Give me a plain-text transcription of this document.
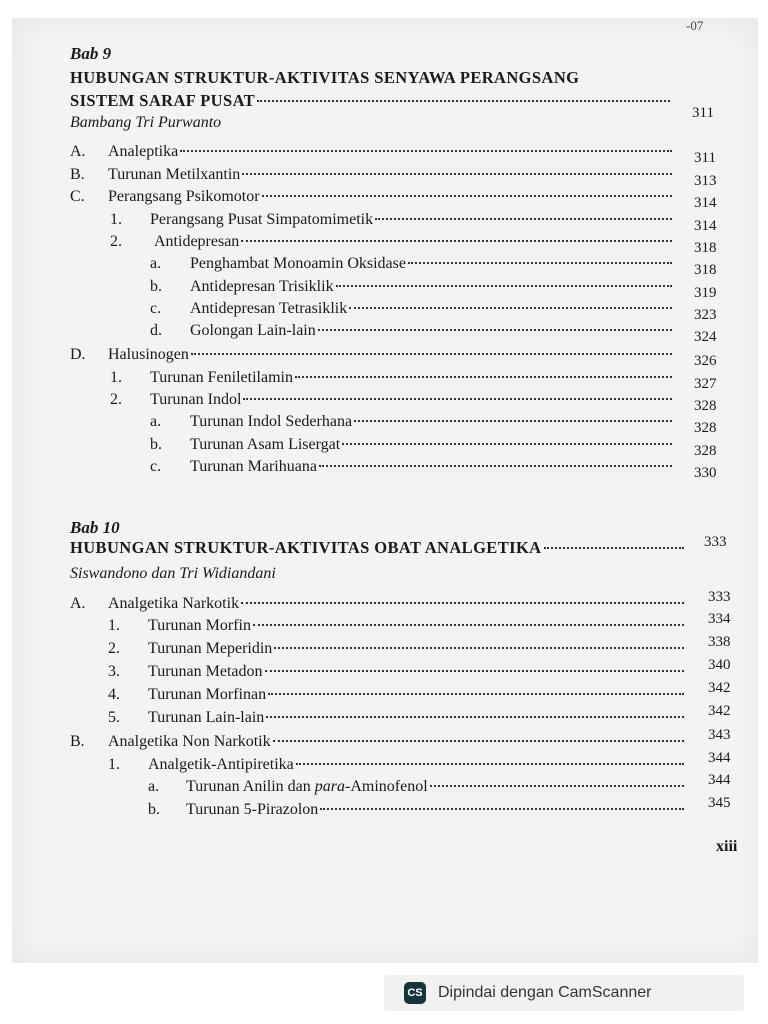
-07
Bab 9
HUBUNGAN STRUKTUR-AKTIVITAS SENYAWA PERANGSANG
SISTEM SARAF PUSAT
311
Bambang Tri Purwanto
A. Analeptika	311
B. Turunan Metilxantin	313
C. Perangsang Psikomotor	314
1. Perangsang Pusat Simpatomimetik	314
2. Antidepresan	318
a. Penghambat Monoamin Oksidase	318
b. Antidepresan Trisiklik	319
c. Antidepresan Tetrasiklik	323
d. Golongan Lain-lain	324
D. Halusinogen	326
1. Turunan Feniletilamin	327
2. Turunan Indol	328
a. Turunan Indol Sederhana	328
b. Turunan Asam Lisergat	328
c. Turunan Marihuana	330
Bab 10
HUBUNGAN STRUKTUR-AKTIVITAS OBAT ANALGETIKA	333
Siswandono dan Tri Widiandani
A. Analgetika Narkotik	333
1. Turunan Morfin	334
2. Turunan Meperidin	338
3. Turunan Metadon	340
4. Turunan Morfinan	342
5. Turunan Lain-lain	342
B. Analgetika Non Narkotik	343
1. Analgetik-Antipiretika	344
a. Turunan Anilin dan para-Aminofenol	344
b. Turunan 5-Pirazolon	345
xiii
CS Dipindai dengan CamScanner
